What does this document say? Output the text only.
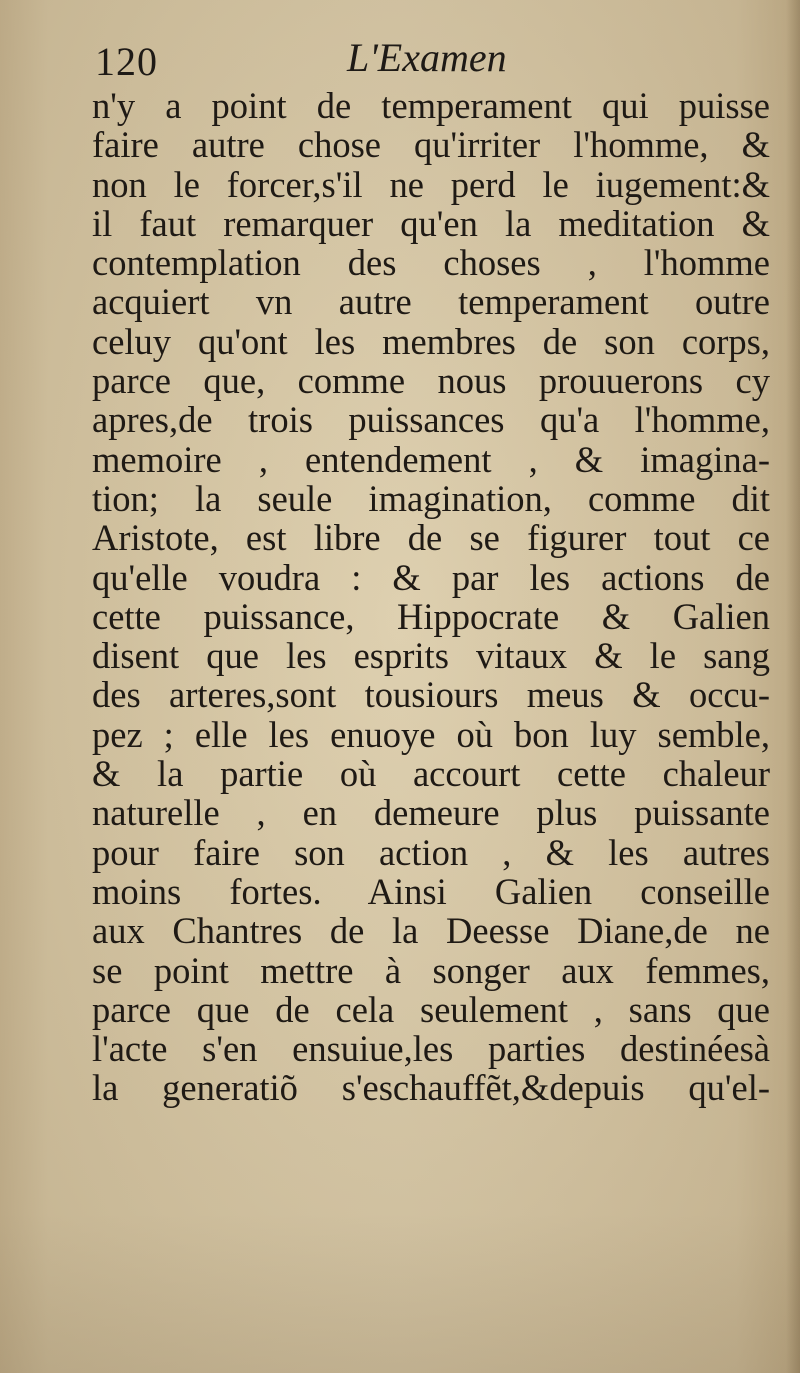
120	L'Examen
n'y a point de temperament qui puisse
faire autre chose qu'irriter l'homme, &
non le forcer,s'il ne perd le iugement:&
il faut remarquer qu'en la meditation &
contemplation des choses , l'homme
acquiert vn autre temperament outre
celuy qu'ont les membres de son corps,
parce que, comme nous prouuerons cy
apres,de trois puissances qu'a l'homme,
memoire , entendement , & imagina-
tion; la seule imagination, comme dit
Aristote, est libre de se figurer tout ce
qu'elle voudra : & par les actions de
cette puissance, Hippocrate & Galien
disent que les esprits vitaux & le sang
des arteres,sont tousiours meus & occu-
pez ; elle les enuoye où bon luy semble,
& la partie où accourt cette chaleur
naturelle , en demeure plus puissante
pour faire son action , & les autres
moins fortes. Ainsi Galien conseille
aux Chantres de la Deesse Diane,de ne
se point mettre à songer aux femmes,
parce que de cela seulement , sans que
l'acte s'en ensuiue,les parties destinéesà
la generatiõ s'eschauffẽt,&depuis qu'el-
